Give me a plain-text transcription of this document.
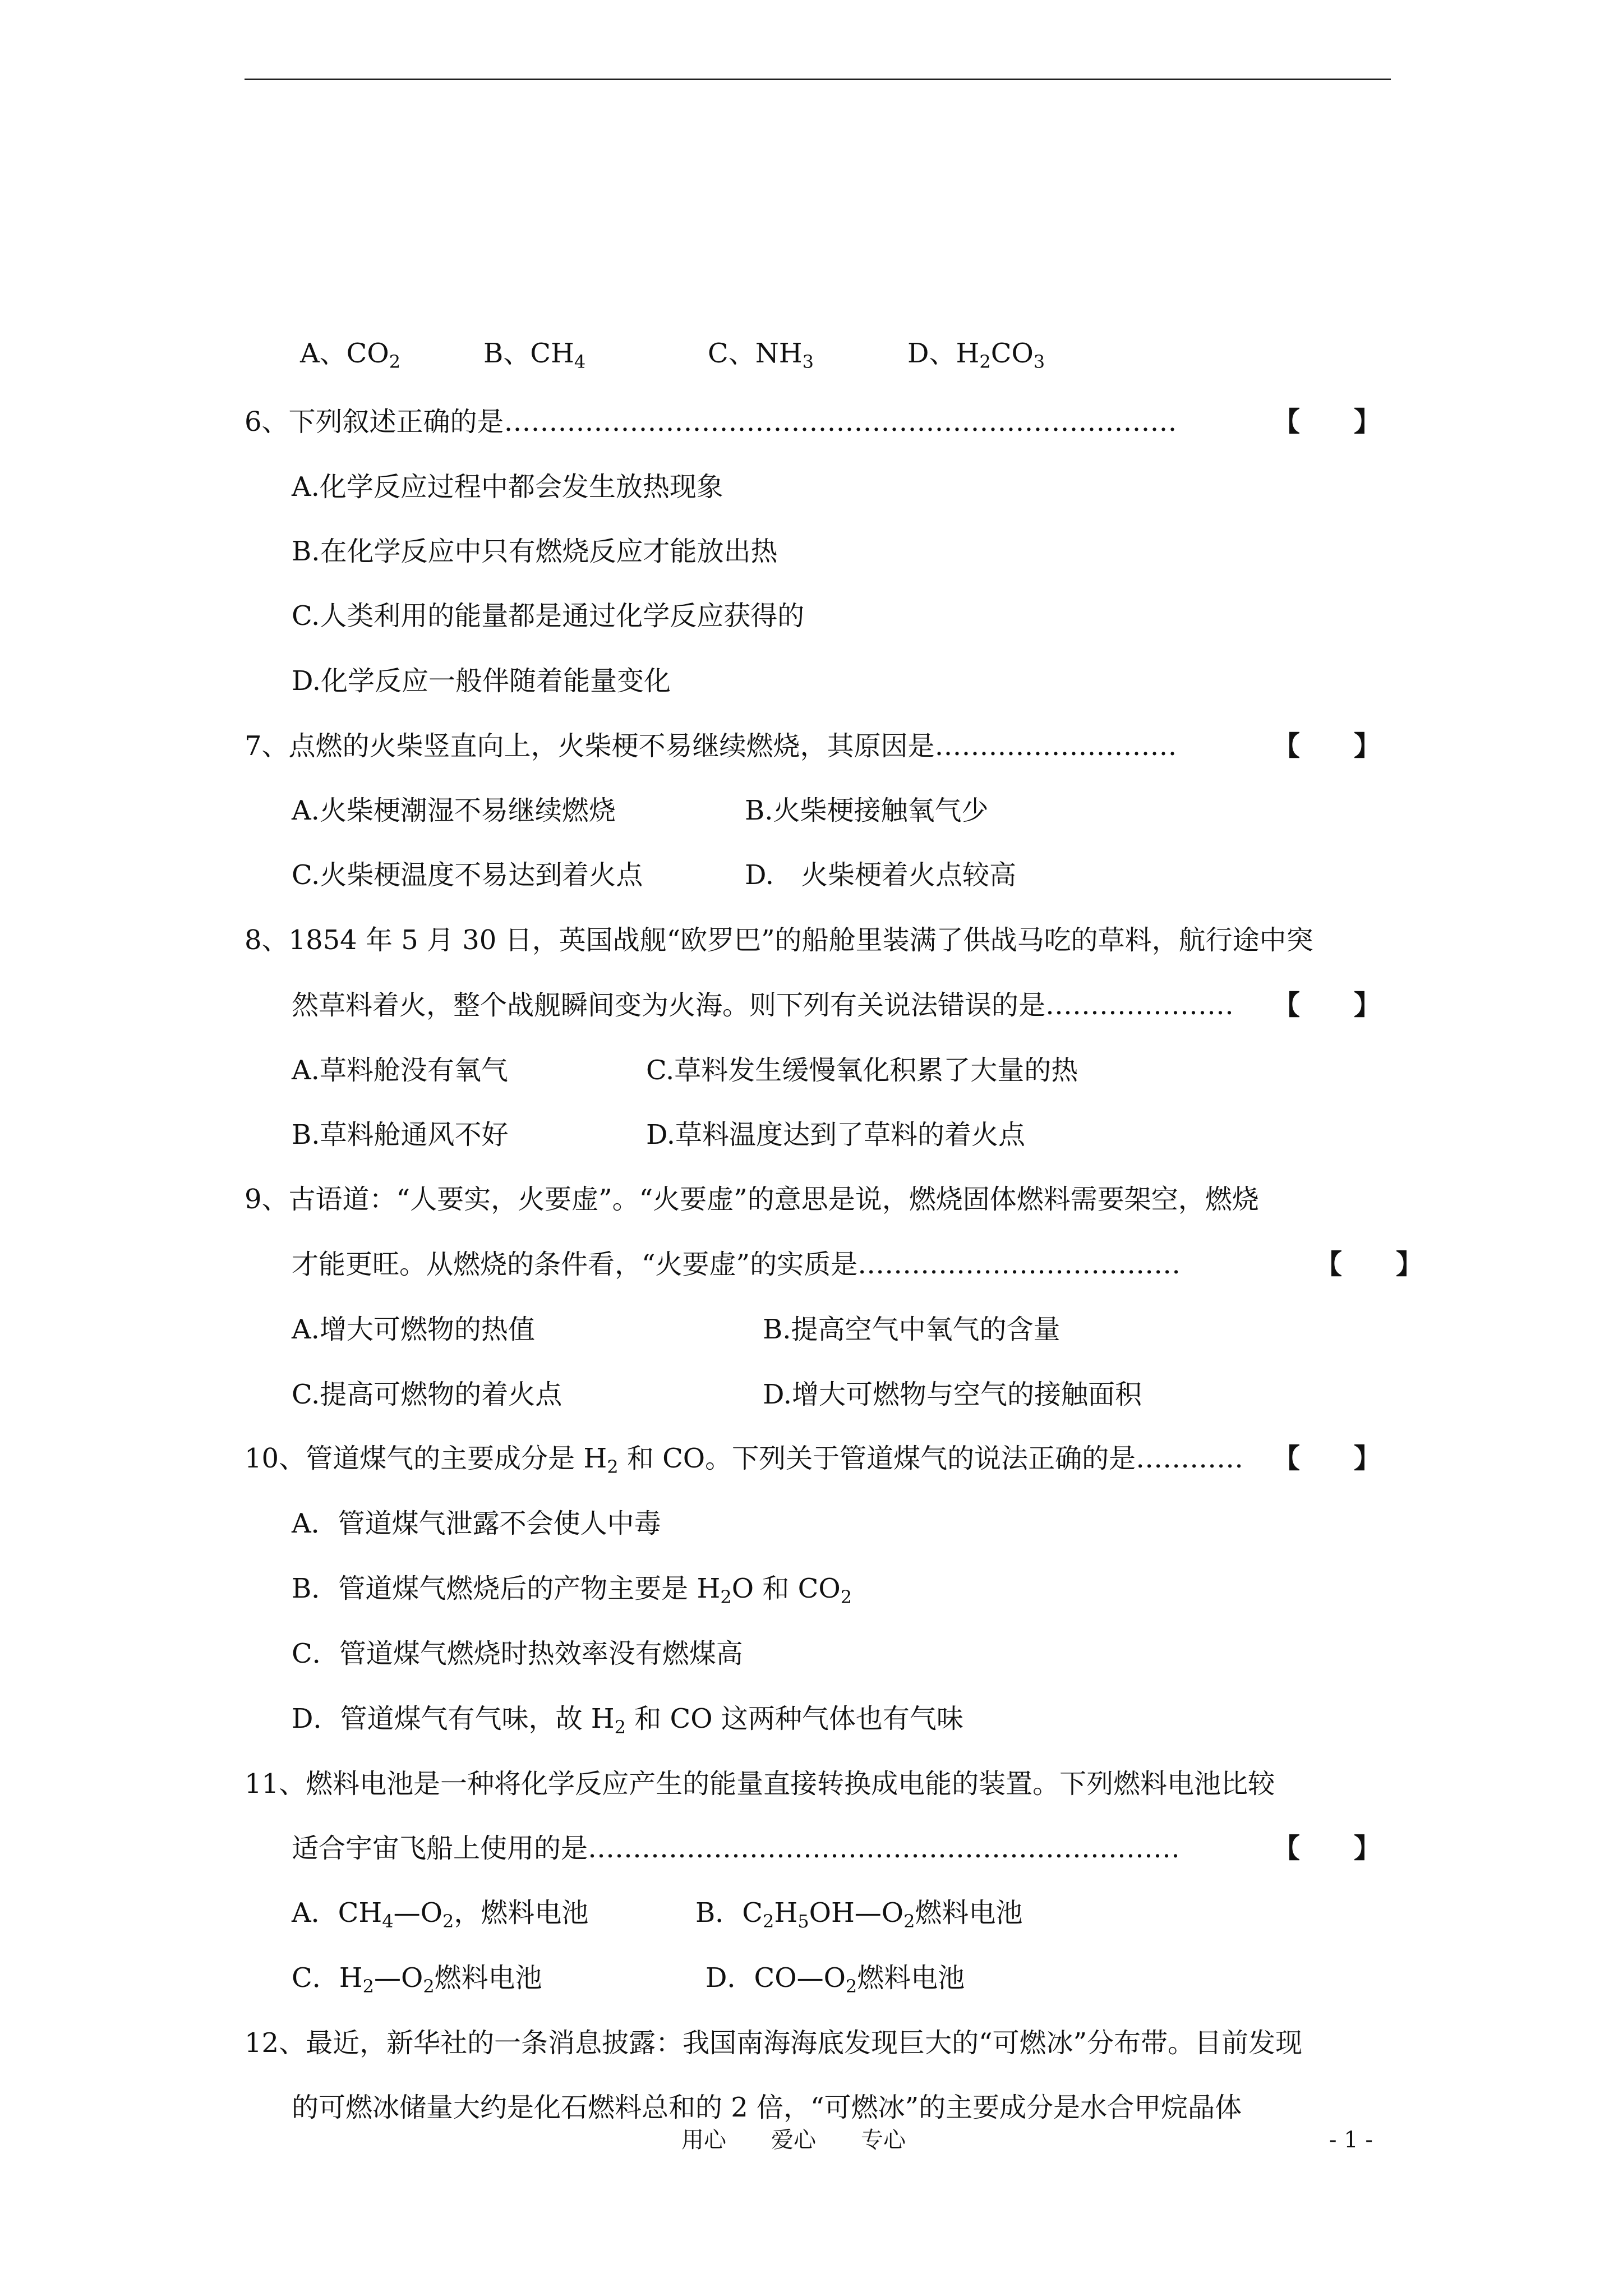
A、$CO_2$	B、$CH_4$	C、$NH_3$	D、$H_2CO_3$
6、下列叙述正确的是…………………………………………………………………	【　　】
A.化学反应过程中都会发生放热现象
B.在化学反应中只有燃烧反应才能放出热
C.人类利用的能量都是通过化学反应获得的
D.化学反应一般伴随着能量变化
7、点燃的火柴竖直向上，火柴梗不易继续燃烧，其原因是………………………	【　　】
A.火柴梗潮湿不易继续燃烧	B.火柴梗接触氧气少
C.火柴梗温度不易达到着火点	D.　火柴梗着火点较高
8、1854 年 5 月 30 日，英国战舰“欧罗巴”的船舱里装满了供战马吃的草料，航行途中突
然草料着火，整个战舰瞬间变为火海。则下列有关说法错误的是………………… 【　　】
A.草料舱没有氧气	C.草料发生缓慢氧化积累了大量的热
B.草料舱通风不好	D.草料温度达到了草料的着火点
9、古语道：“人要实，火要虚”。“火要虚”的意思是说，燃烧固体燃料需要架空，燃烧
才能更旺。从燃烧的条件看，“火要虚”的实质是………………………………	【　　】
A.增大可燃物的热值	B.提高空气中氧气的含量
C.提高可燃物的着火点	D.增大可燃物与空气的接触面积
10、管道煤气的主要成分是 $H_2$ 和 CO。下列关于管道煤气的说法正确的是………… 【　　】
A．管道煤气泄露不会使人中毒
B．管道煤气燃烧后的产物主要是 $H_2O$ 和 $CO_2$
C．管道煤气燃烧时热效率没有燃煤高
D．管道煤气有气味，故 $H_2$ 和 CO 这两种气体也有气味
11、燃料电池是一种将化学反应产生的能量直接转换成电能的装置。下列燃料电池比较
适合宇宙飞船上使用的是…………………………………………………………	【　　】
A．$CH_4—O_2$，燃料电池	B．$C_2H_5OH—O_2$燃料电池
C．$H_2—O_2$燃料电池	D．$CO—O_2$燃料电池
12、最近，新华社的一条消息披露：我国南海海底发现巨大的“可燃冰”分布带。目前发现
的可燃冰储量大约是化石燃料总和的 2 倍，“可燃冰”的主要成分是水合甲烷晶体
用心　　爱心　　专心	- 1 -
